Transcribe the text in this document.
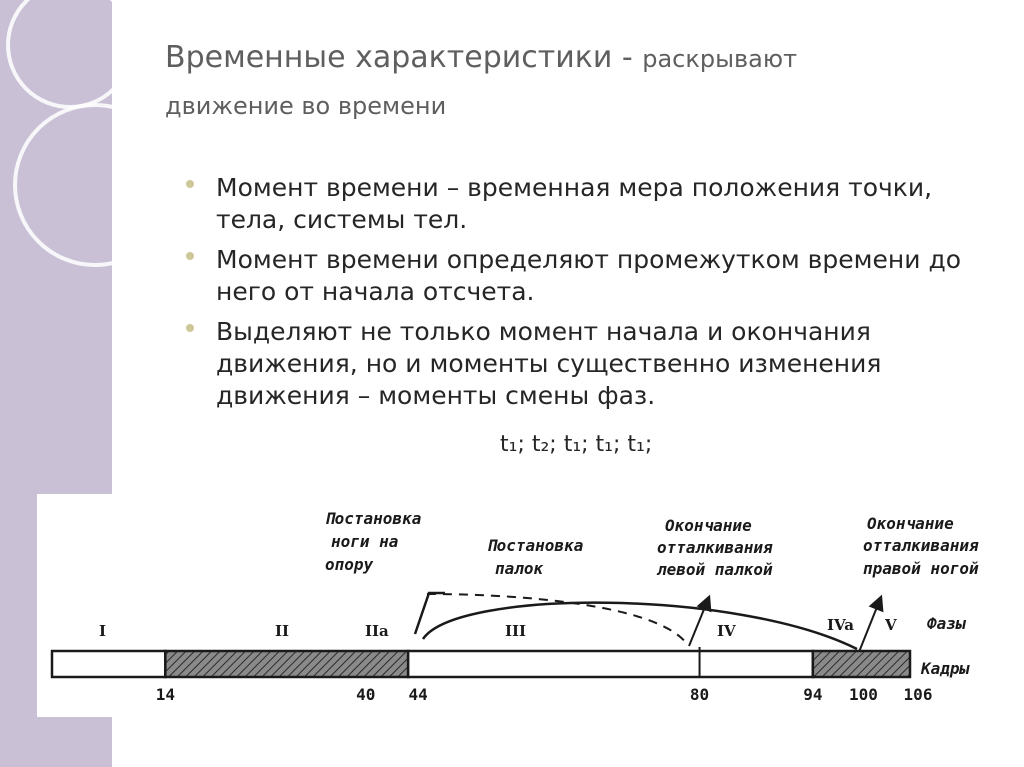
Временные характеристики - раскрывают
движение во времени
Момент времени – временная мера положения точки, тела, системы тел.
Момент времени определяют промежутком времени до него от начала отсчета.
Выделяют не только момент начала и окончания движения, но и моменты существенно изменения движения – моменты смены фаз.
t₁; t₂; t₁; t₁; t₁;
Постановка
ноги на
опору
Постановка
палок
Окончание
отталкивания
левой палкой
Окончание
отталкивания
правой ногой
I	II	IIa	III	IV	IVa V Фазы
Кадры
14	40 44	80	94 100 106
